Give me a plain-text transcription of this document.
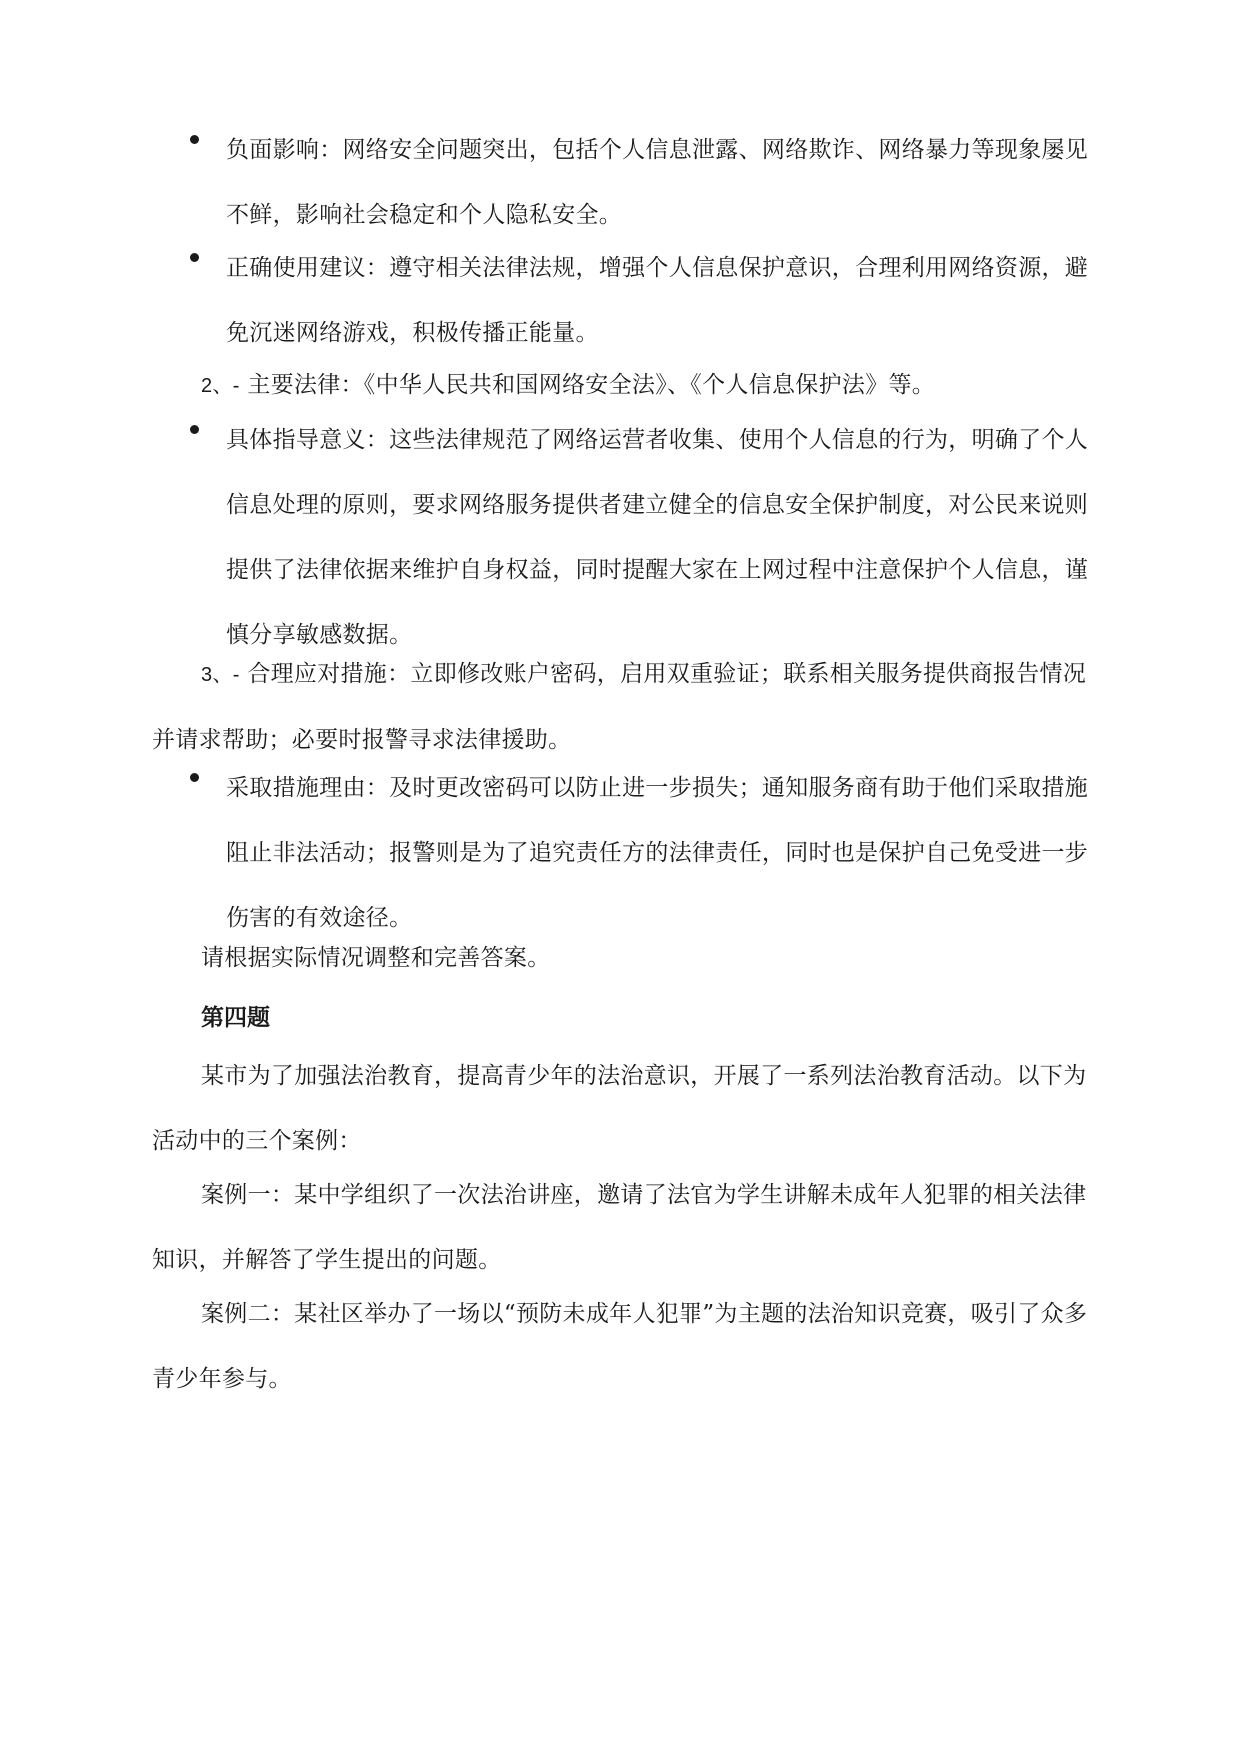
负面影响：网络安全问题突出，包括个人信息泄露、网络欺诈、网络暴力等现象屡见不鲜，影响社会稳定和个人隐私安全。
正确使用建议：遵守相关法律法规，增强个人信息保护意识，合理利用网络资源，避免沉迷网络游戏，积极传播正能量。
2、- 主要法律：《中华人民共和国网络安全法》、《个人信息保护法》等。
具体指导意义：这些法律规范了网络运营者收集、使用个人信息的行为，明确了个人信息处理的原则，要求网络服务提供者建立健全的信息安全保护制度，对公民来说则提供了法律依据来维护自身权益，同时提醒大家在上网过程中注意保护个人信息，谨慎分享敏感数据。
3、- 合理应对措施：立即修改账户密码，启用双重验证；联系相关服务提供商报告情况并请求帮助；必要时报警寻求法律援助。
采取措施理由：及时更改密码可以防止进一步损失；通知服务商有助于他们采取措施阻止非法活动；报警则是为了追究责任方的法律责任，同时也是保护自己免受进一步伤害的有效途径。
请根据实际情况调整和完善答案。
第四题
某市为了加强法治教育，提高青少年的法治意识，开展了一系列法治教育活动。以下为活动中的三个案例：
案例一：某中学组织了一次法治讲座，邀请了法官为学生讲解未成年人犯罪的相关法律知识，并解答了学生提出的问题。
案例二：某社区举办了一场以“预防未成年人犯罪”为主题的法治知识竞赛，吸引了众多青少年参与。
